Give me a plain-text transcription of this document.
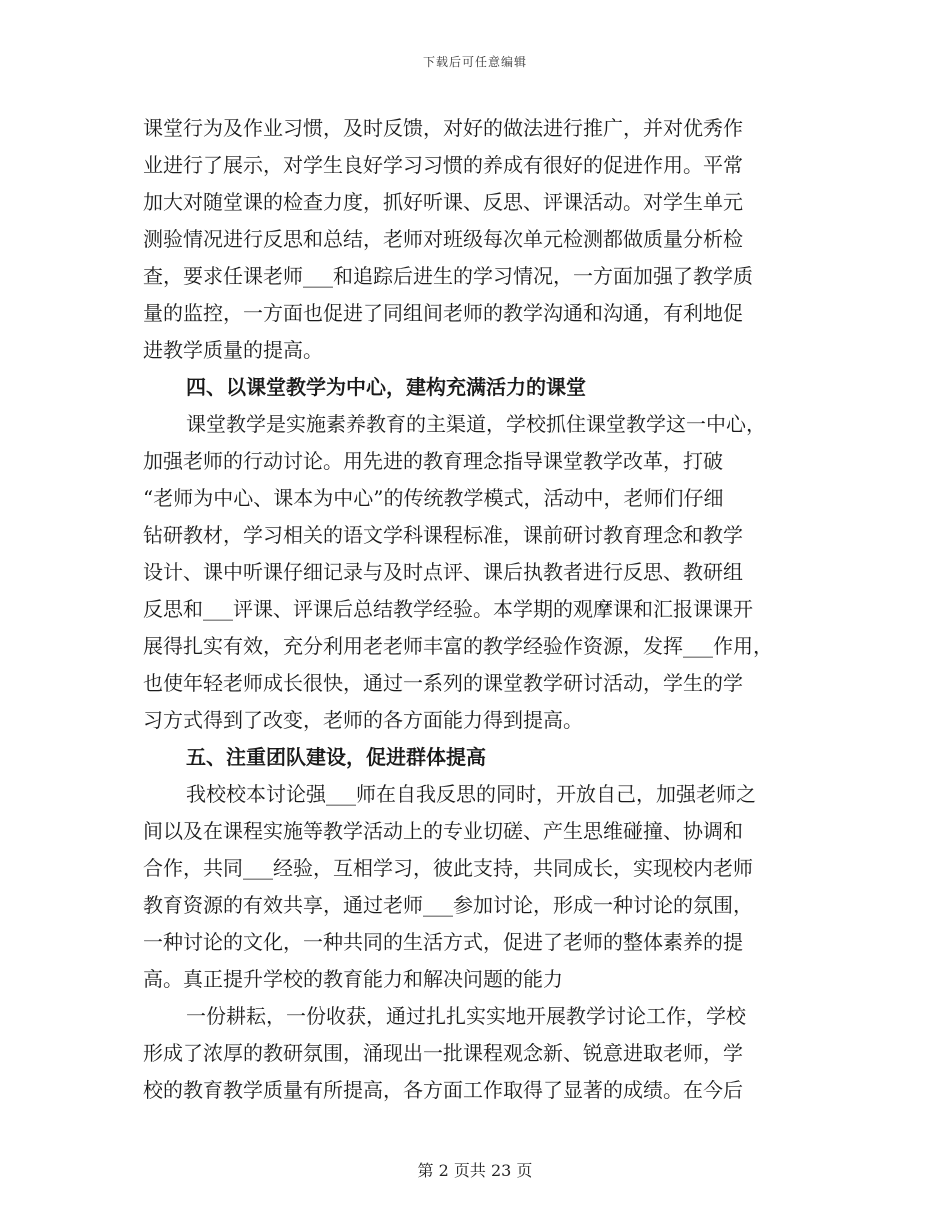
下载后可任意编辑
课堂行为及作业习惯，及时反馈，对好的做法进行推广，并对优秀作
业进行了展示，对学生良好学习习惯的养成有很好的促进作用。平常
加大对随堂课的检查力度，抓好听课、反思、评课活动。对学生单元
测验情况进行反思和总结，老师对班级每次单元检测都做质量分析检
查，要求任课老师___和追踪后进生的学习情况，一方面加强了教学质
量的监控，一方面也促进了同组间老师的教学沟通和沟通，有利地促
进教学质量的提高。
四、以课堂教学为中心，建构充满活力的课堂
课堂教学是实施素养教育的主渠道，学校抓住课堂教学这一中心，
加强老师的行动讨论。用先进的教育理念指导课堂教学改革，打破
“老师为中心、课本为中心”的传统教学模式，活动中，老师们仔细
钻研教材，学习相关的语文学科课程标准，课前研讨教育理念和教学
设计、课中听课仔细记录与及时点评、课后执教者进行反思、教研组
反思和___评课、评课后总结教学经验。本学期的观摩课和汇报课课开
展得扎实有效，充分利用老老师丰富的教学经验作资源，发挥___作用，
也使年轻老师成长很快，通过一系列的课堂教学研讨活动，学生的学
习方式得到了改变，老师的各方面能力得到提高。
五、注重团队建设，促进群体提高
我校校本讨论强___师在自我反思的同时，开放自己，加强老师之
间以及在课程实施等教学活动上的专业切磋、产生思维碰撞、协调和
合作，共同___经验，互相学习，彼此支持，共同成长，实现校内老师
教育资源的有效共享，通过老师___参加讨论，形成一种讨论的氛围，
一种讨论的文化，一种共同的生活方式，促进了老师的整体素养的提
高。真正提升学校的教育能力和解决问题的能力
一份耕耘，一份收获，通过扎扎实实地开展教学讨论工作，学校
形成了浓厚的教研氛围，涌现出一批课程观念新、锐意进取老师，学
校的教育教学质量有所提高，各方面工作取得了显著的成绩。在今后
第 2 页共 23 页
